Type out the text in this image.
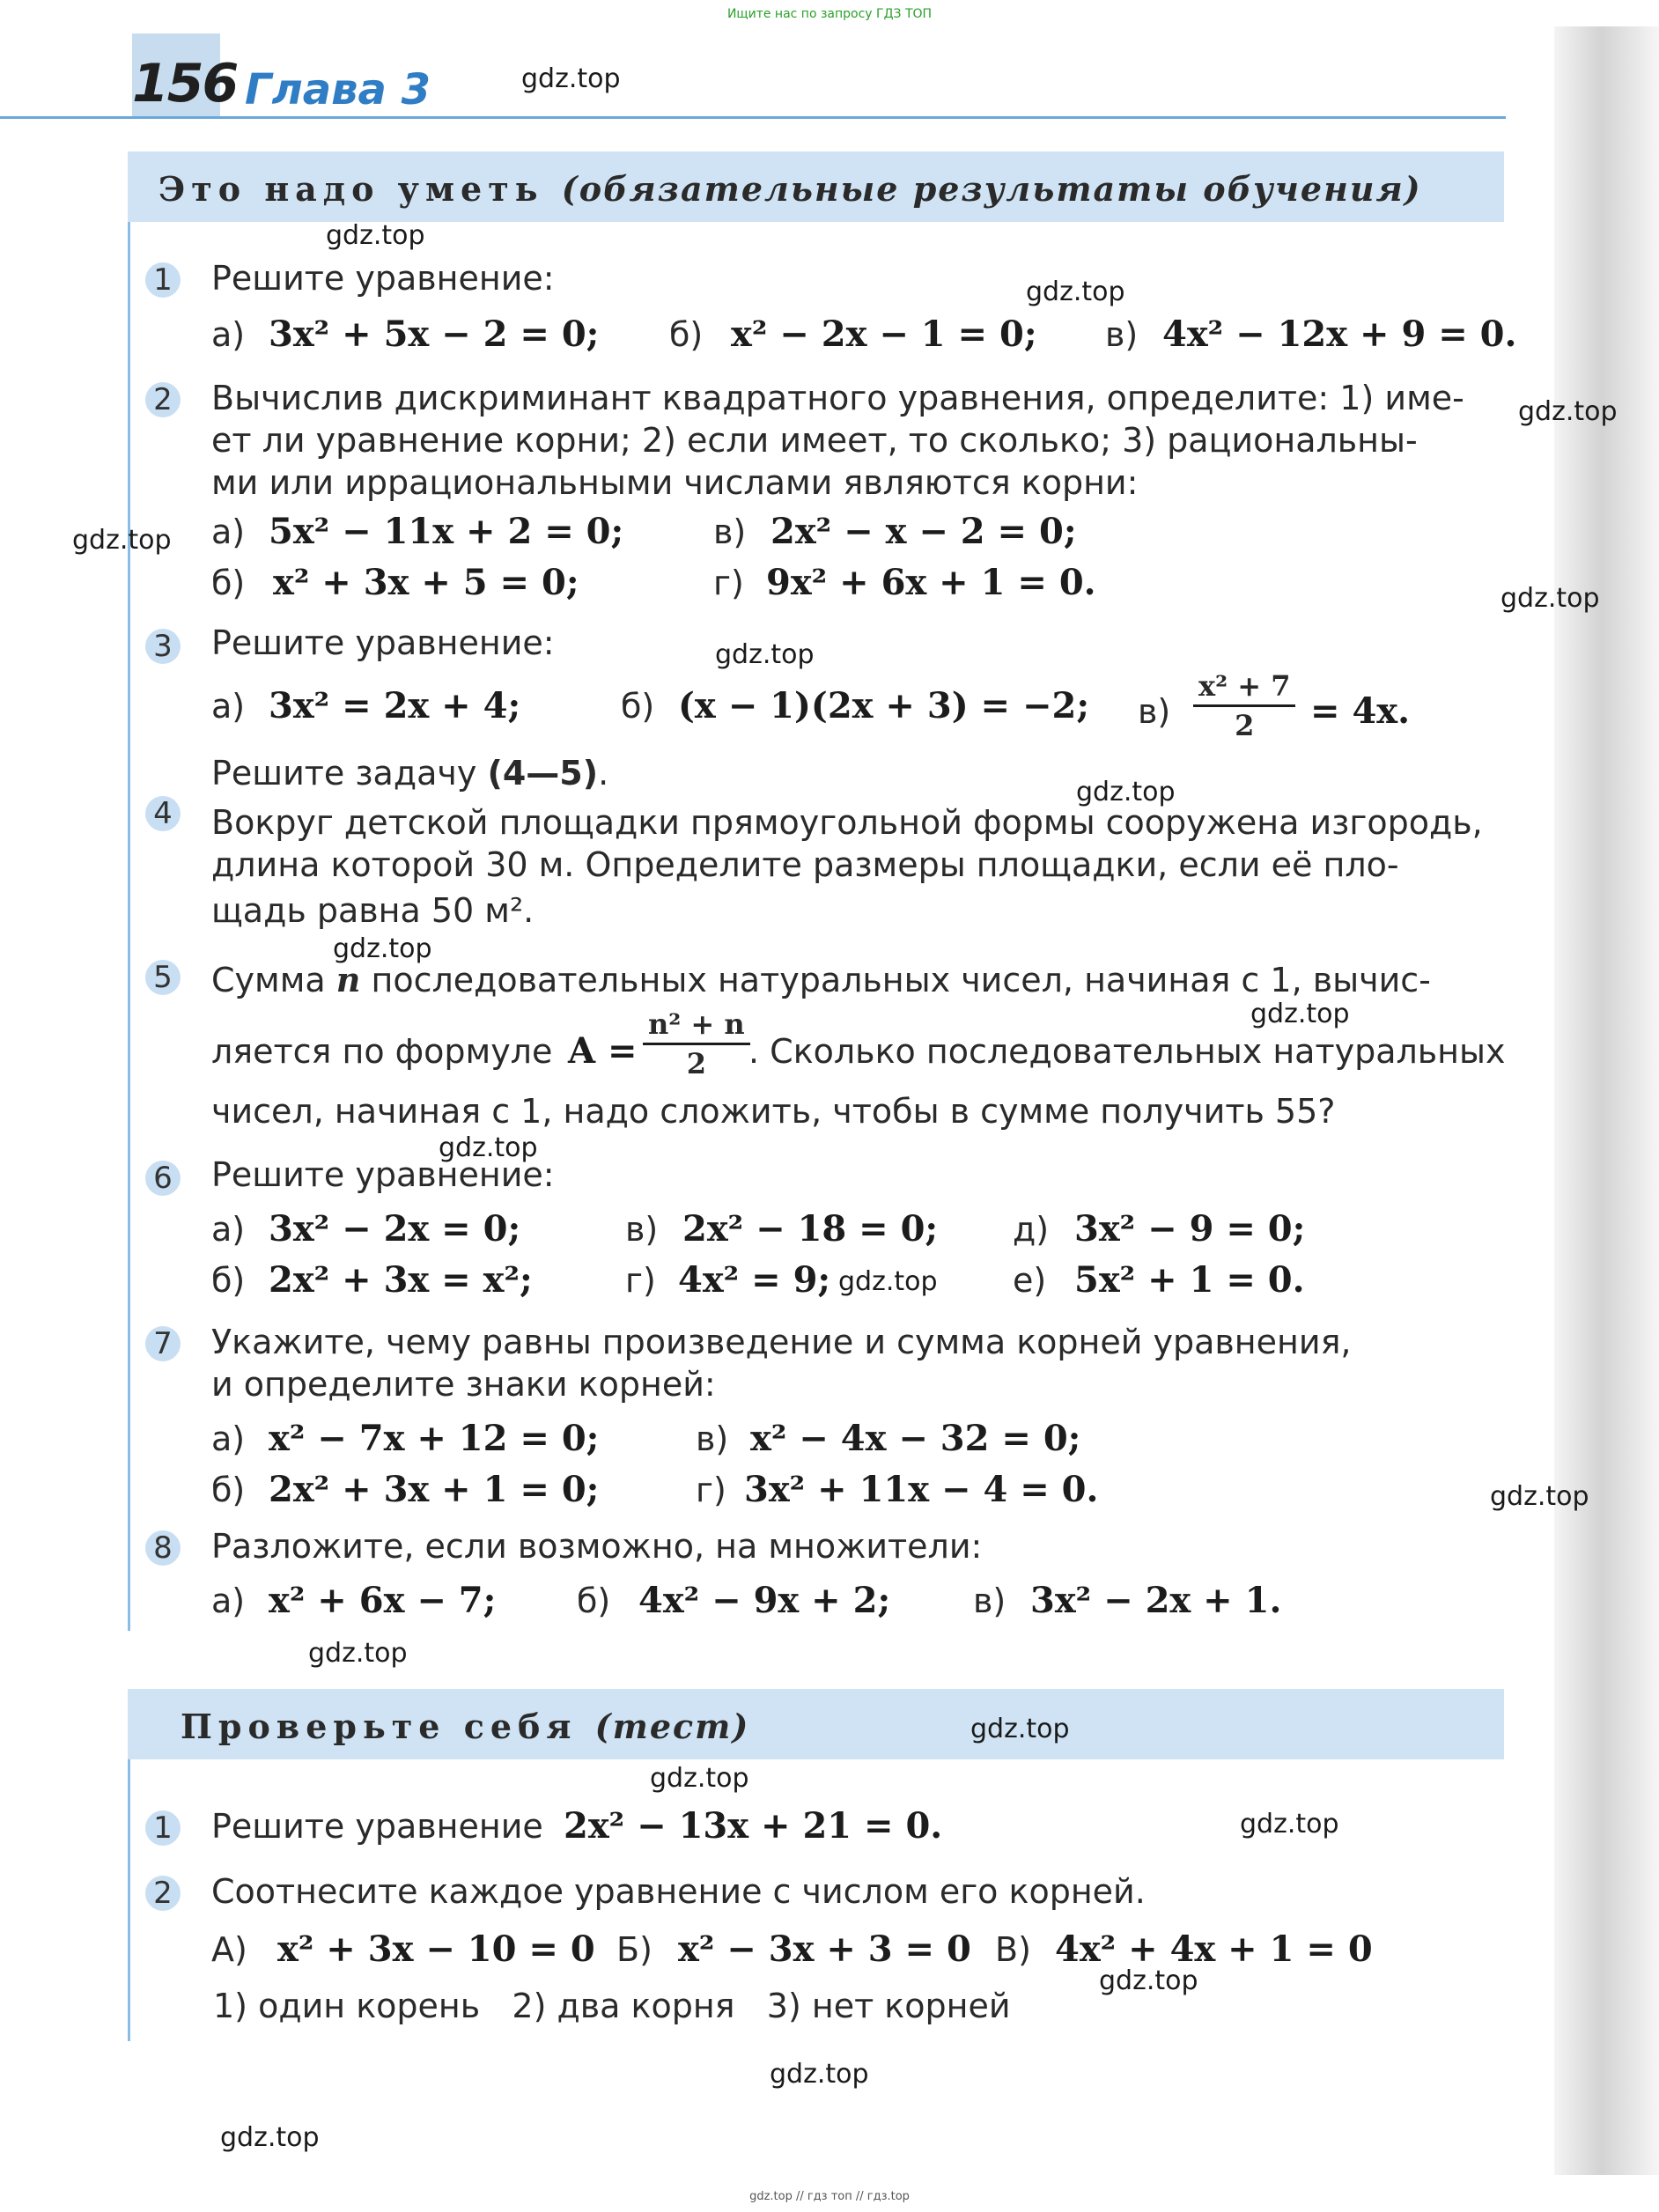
Ищите нас по запросу ГДЗ ТОП
156 Глава 3
Это надо уметь (обязательные результаты обучения)
1 Решите уравнение:
а) 3x² + 5x − 2 = 0; б) x² − 2x − 1 = 0; в) 4x² − 12x + 9 = 0.
2 Вычислив дискриминант квадратного уравнения, определите: 1) име-
ет ли уравнение корни; 2) если имеет, то сколько; 3) рациональны-
ми или иррациональными числами являются корни:
а) 5x² − 11x + 2 = 0;	в) 2x² − x − 2 = 0;
б) x² + 3x + 5 = 0;	г) 9x² + 6x + 1 = 0.
3 Решите уравнение:
а) 3x² = 2x + 4;	б) (x − 1)(2x + 3) = −2; $в) \frac{\text{x² + 7}}{2} = 4x$.
Решите задачу (4—5).
4 Вокруг детской площадки прямоугольной формы сооружена изгородь,
длина которой 30 м. Определите размеры площадки, если её пло-
щадь равна 50 м².
5 Сумма n последовательных натуральных чисел, начиная с 1, вычис-
ляется по формуле $A = \frac{\text{n² + n}}{2}$
. Сколько последовательных натуральных
чисел, начиная с 1, надо сложить, чтобы в сумме получить 55?
6 Решите уравнение:
а) 3x² − 2x = 0;	в) 2x² − 18 = 0; д) 3x² − 9 = 0;
б) 2x² + 3x = x²;	г) 4x² = 9;	е) 5x² + 1 = 0.
7 Укажите, чему равны произведение и сумма корней уравнения,
и определите знаки корней:
а) x² − 7x + 12 = 0;	в) x² − 4x − 32 = 0;
б) 2x² + 3x + 1 = 0;	г) 3x² + 11x − 4 = 0.
8 Разложите, если возможно, на множители:
а) x² + 6x − 7; б) 4x² − 9x + 2; в) 3x² − 2x + 1.
Проверьте себя (тест)
1 Решите уравнение 2x² − 13x + 21 = 0.
2 Соотнесите каждое уравнение с числом его корней.
А) x² + 3x − 10 = 0 Б) x² − 3x + 3 = 0 В) 4x² + 4x + 1 = 0
1) один корень   2) два корня   3) нет корней
gdz.top
gdz.top
gdz.top
gdz.top
gdz.top
gdz.top
gdz.top
gdz.top
gdz.top
gdz.top
gdz.top
gdz.top
gdz.top
gdz.top
gdz.top
gdz.top
gdz.top
gdz.top
gdz.top
gdz.top
gdz.top // гдз топ // гдз.top
